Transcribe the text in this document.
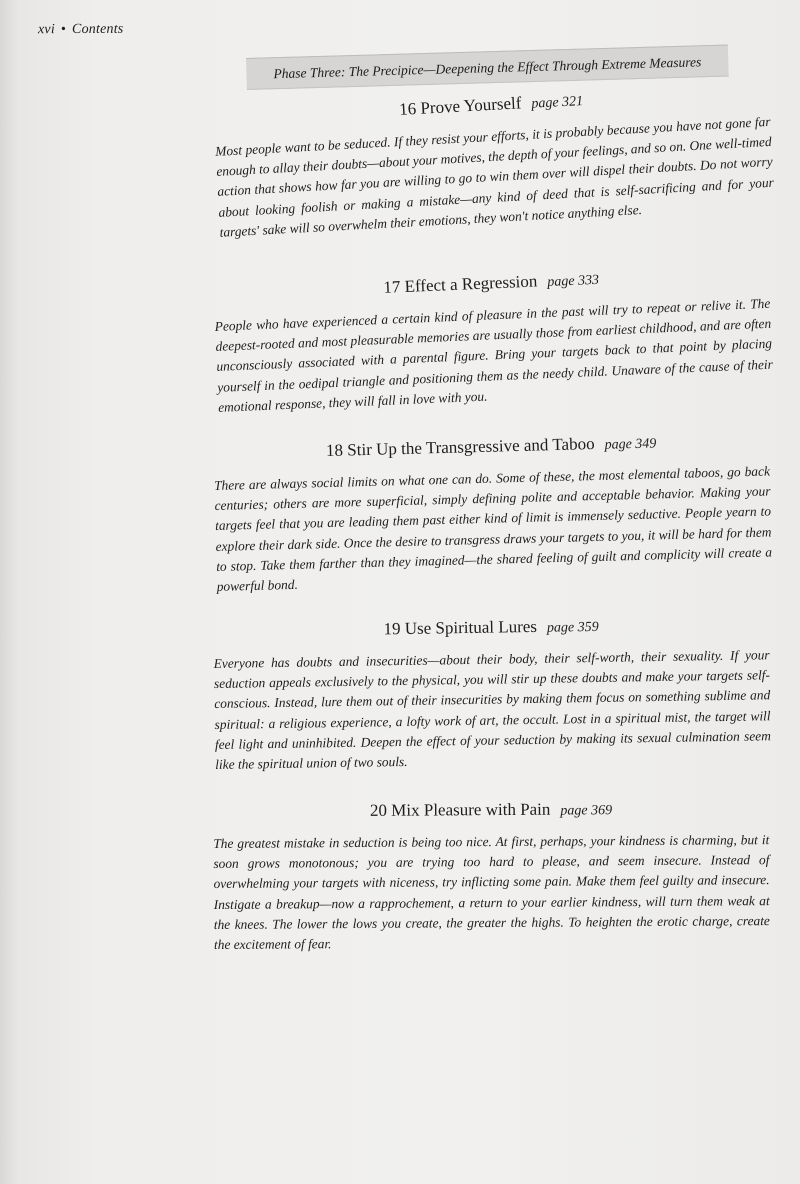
xvi • Contents
Phase Three: The Precipice—Deepening the Effect Through Extreme Measures
16 Prove Yourself page 321

Most people want to be seduced. If they resist your efforts, it is probably because you have not gone far enough to allay their doubts—about your motives, the depth of your feelings, and so on. One well-timed action that shows how far you are willing to go to win them over will dispel their doubts. Do not worry about looking foolish or making a mistake—any kind of deed that is self-sacrificing and for your targets' sake will so overwhelm their emotions, they won't notice anything else.

17 Effect a Regression page 333

People who have experienced a certain kind of pleasure in the past will try to repeat or relive it. The deepest-rooted and most pleasurable memories are usually those from earliest childhood, and are often unconsciously associated with a parental figure. Bring your targets back to that point by placing yourself in the oedipal triangle and positioning them as the needy child. Unaware of the cause of their emotional response, they will fall in love with you.

18 Stir Up the Transgressive and Taboo page 349

There are always social limits on what one can do. Some of these, the most elemental taboos, go back centuries; others are more superficial, simply defining polite and acceptable behavior. Making your targets feel that you are leading them past either kind of limit is immensely seductive. People yearn to explore their dark side. Once the desire to transgress draws your targets to you, it will be hard for them to stop. Take them farther than they imagined—the shared feeling of guilt and complicity will create a powerful bond.

19 Use Spiritual Lures page 359

Everyone has doubts and insecurities—about their body, their self-worth, their sexuality. If your seduction appeals exclusively to the physical, you will stir up these doubts and make your targets self-conscious. Instead, lure them out of their insecurities by making them focus on something sublime and spiritual: a religious experience, a lofty work of art, the occult. Lost in a spiritual mist, the target will feel light and uninhibited. Deepen the effect of your seduction by making its sexual culmination seem like the spiritual union of two souls.

20 Mix Pleasure with Pain page 369

The greatest mistake in seduction is being too nice. At first, perhaps, your kindness is charming, but it soon grows monotonous; you are trying too hard to please, and seem insecure. Instead of overwhelming your targets with niceness, try inflicting some pain. Make them feel guilty and insecure. Instigate a breakup—now a rapprochement, a return to your earlier kindness, will turn them weak at the knees. The lower the lows you create, the greater the highs. To heighten the erotic charge, create the excitement of fear.
